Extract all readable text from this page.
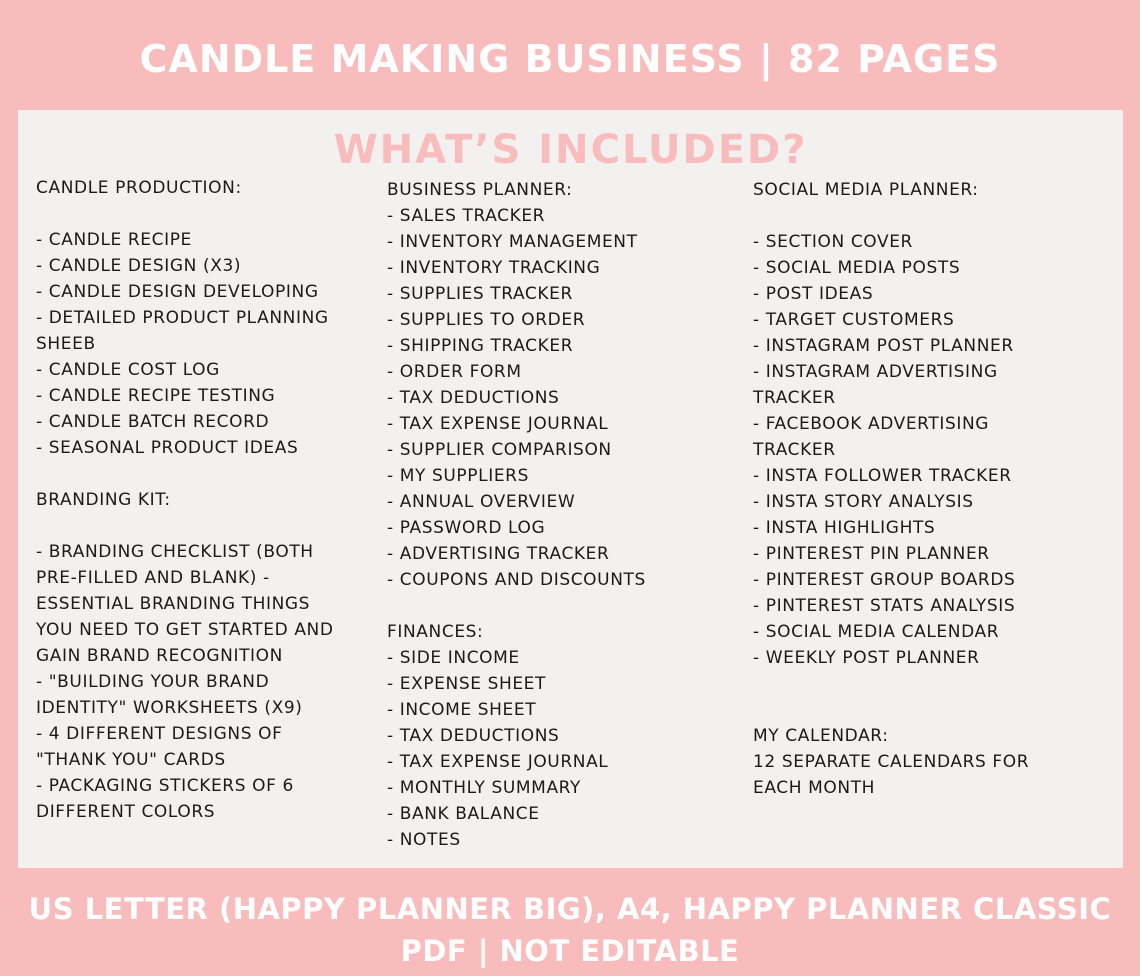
CANDLE MAKING BUSINESS | 82 PAGES
WHAT’S INCLUDED?
CANDLE PRODUCTION:
- CANDLE RECIPE
- CANDLE DESIGN (X3)
- CANDLE DESIGN DEVELOPING
- DETAILED PRODUCT PLANNING
SHEEB
- CANDLE COST LOG
- CANDLE RECIPE TESTING
- CANDLE BATCH RECORD
- SEASONAL PRODUCT IDEAS
BRANDING KIT:
- BRANDING CHECKLIST (BOTH
PRE-FILLED AND BLANK) -
ESSENTIAL BRANDING THINGS
YOU NEED TO GET STARTED AND
GAIN BRAND RECOGNITION
- "BUILDING YOUR BRAND
IDENTITY" WORKSHEETS (X9)
- 4 DIFFERENT DESIGNS OF
"THANK YOU" CARDS
- PACKAGING STICKERS OF 6
DIFFERENT COLORS
BUSINESS PLANNER:
- SALES TRACKER
- INVENTORY MANAGEMENT
- INVENTORY TRACKING
- SUPPLIES TRACKER
- SUPPLIES TO ORDER
- SHIPPING TRACKER
- ORDER FORM
- TAX DEDUCTIONS
- TAX EXPENSE JOURNAL
- SUPPLIER COMPARISON
- MY SUPPLIERS
- ANNUAL OVERVIEW
- PASSWORD LOG
- ADVERTISING TRACKER
- COUPONS AND DISCOUNTS
FINANCES:
- SIDE INCOME
- EXPENSE SHEET
- INCOME SHEET
- TAX DEDUCTIONS
- TAX EXPENSE JOURNAL
- MONTHLY SUMMARY
- BANK BALANCE
- NOTES
SOCIAL MEDIA PLANNER:
- SECTION COVER
- SOCIAL MEDIA POSTS
- POST IDEAS
- TARGET CUSTOMERS
- INSTAGRAM POST PLANNER
- INSTAGRAM ADVERTISING
TRACKER
- FACEBOOK ADVERTISING
TRACKER
- INSTA FOLLOWER TRACKER
- INSTA STORY ANALYSIS
- INSTA HIGHLIGHTS
- PINTEREST PIN PLANNER
- PINTEREST GROUP BOARDS
- PINTEREST STATS ANALYSIS
- SOCIAL MEDIA CALENDAR
- WEEKLY POST PLANNER
MY CALENDAR:
12 SEPARATE CALENDARS FOR
EACH MONTH
US LETTER (HAPPY PLANNER BIG), A4, HAPPY PLANNER CLASSIC
PDF | NOT EDITABLE
